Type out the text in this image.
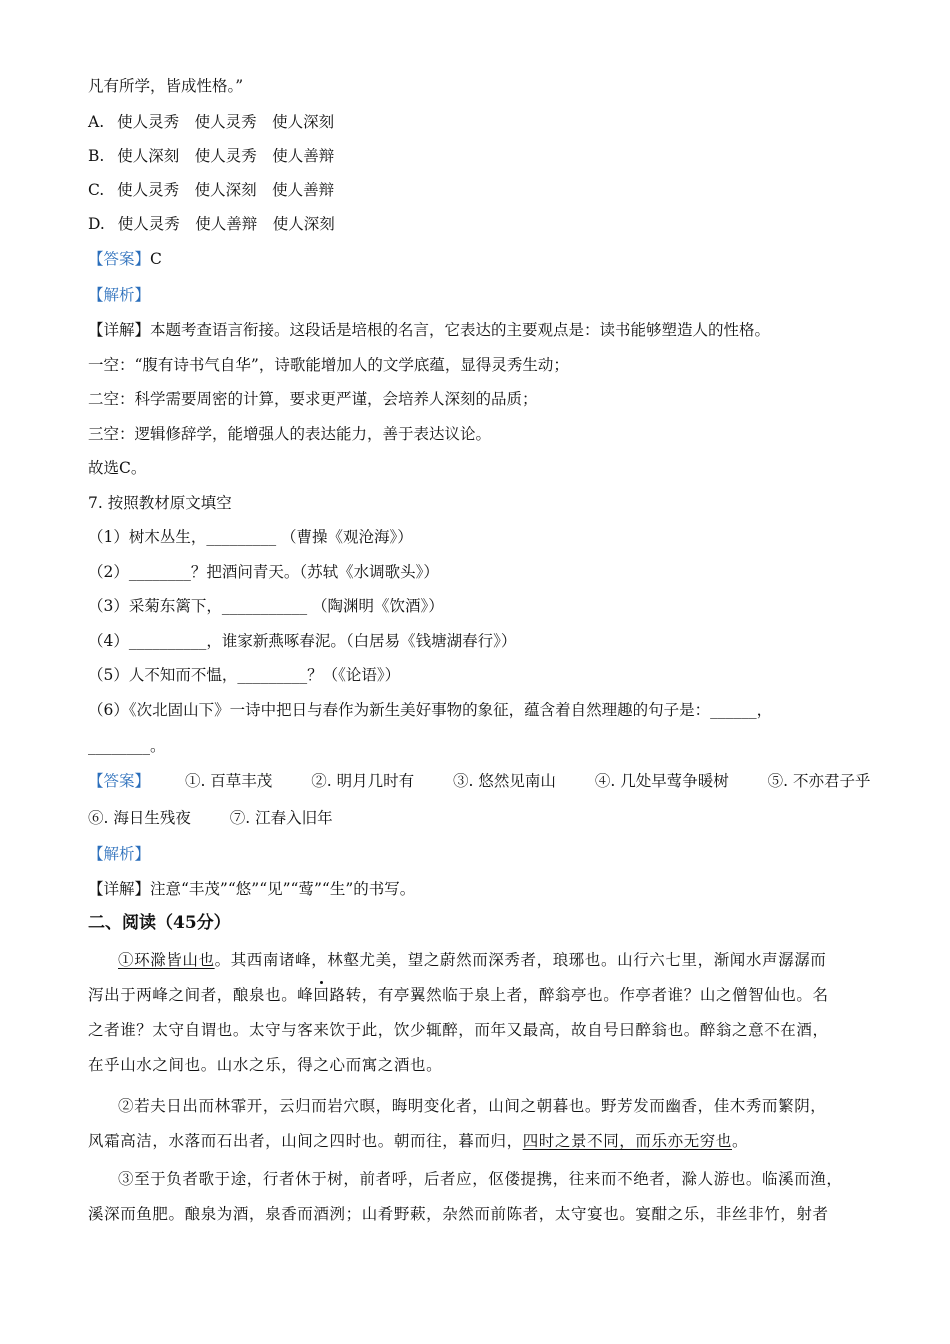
凡有所学，皆成性格。”
A. 使人灵秀　使人灵秀　使人深刻
B. 使人深刻　使人灵秀　使人善辩
C. 使人灵秀　使人深刻　使人善辩
D. 使人灵秀　使人善辩　使人深刻
【答案】C
【解析】
【详解】本题考查语言衔接。这段话是培根的名言，它表达的主要观点是：读书能够塑造人的性格。
一空：“腹有诗书气自华”，诗歌能增加人的文学底蕴，显得灵秀生动；
二空：科学需要周密的计算，要求更严谨，会培养人深刻的品质；
三空：逻辑修辞学，能增强人的表达能力，善于表达议论。
故选C。
7. 按照教材原文填空
（1）树木丛生，_________ （曹操《观沧海》）
（2）________？把酒问青天。（苏轼《水调歌头》）
（3）采菊东篱下，___________ （陶渊明《饮酒》）
（4）__________，谁家新燕啄春泥。（白居易《钱塘湖春行》）
（5）人不知而不愠，_________？（《论语》）
（6）《次北固山下》一诗中把日与春作为新生美好事物的象征，蕴含着自然理趣的句子是：______，
________。
【答案】 ①. 百草丰茂	②. 明月几时有	③. 悠然见南山	④. 几处早莺争暖树	⑤. 不亦君子乎
⑥. 海日生残夜	⑦. 江春入旧年
【解析】
【详解】注意“丰茂”“悠”“见”“莺”“生”的书写。
二、阅读（45分）
①环滁皆山也。其西南诸峰，林壑尤美，望之蔚然而深秀者，琅琊也。山行六七里，渐闻水声潺潺而
泻出于两峰之间者，酿泉也。峰回路转，有亭翼然临于泉上者，醉翁亭也。作亭者谁？山之僧智仙也。名
之者谁？太守自谓也。太守与客来饮于此，饮少辄醉，而年又最高，故自号曰醉翁也。醉翁之意不在酒，
在乎山水之间也。山水之乐，得之心而寓之酒也。
②若夫日出而林霏开，云归而岩穴暝，晦明变化者，山间之朝暮也。野芳发而幽香，佳木秀而繁阴，
风霜高洁，水落而石出者，山间之四时也。朝而往，暮而归，四时之景不同，而乐亦无穷也。
③至于负者歌于途，行者休于树，前者呼，后者应，伛偻提携，往来而不绝者，滁人游也。临溪而渔，
溪深而鱼肥。酿泉为酒，泉香而酒洌；山肴野蔌，杂然而前陈者，太守宴也。宴酣之乐，非丝非竹，射者
